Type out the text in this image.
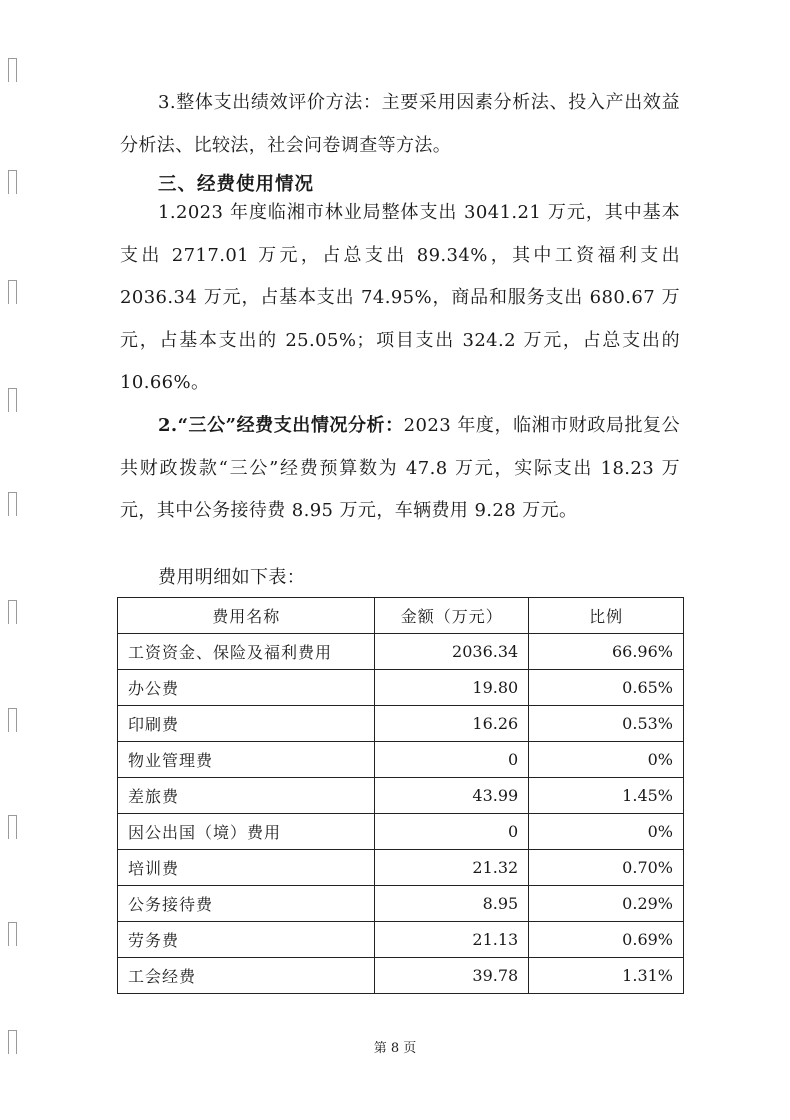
3.整体支出绩效评价方法：主要采用因素分析法、投入产出效益分析法、比较法，社会问卷调查等方法。

三、经费使用情况

1.2023 年度临湘市林业局整体支出 3041.21 万元，其中基本支出 2717.01 万元，占总支出 89.34%，其中工资福利支出 2036.34 万元，占基本支出 74.95%，商品和服务支出 680.67 万元，占基本支出的 25.05%；项目支出 324.2 万元，占总支出的 10.66%。

2.“三公”经费支出情况分析：2023 年度，临湘市财政局批复公共财政拨款“三公”经费预算数为 47.8 万元，实际支出 18.23 万元，其中公务接待费 8.95 万元，车辆费用 9.28 万元。

费用明细如下表：

费用名称	金额（万元）	比例
工资资金、保险及福利费用	2036.34	66.96%
办公费	19.80	0.65%
印刷费	16.26	0.53%
物业管理费	0	0%
差旅费	43.99	1.45%
因公出国（境）费用	0	0%
培训费	21.32	0.70%
公务接待费	8.95	0.29%
劳务费	21.13	0.69%
工会经费	39.78	1.31%
第 8 页
